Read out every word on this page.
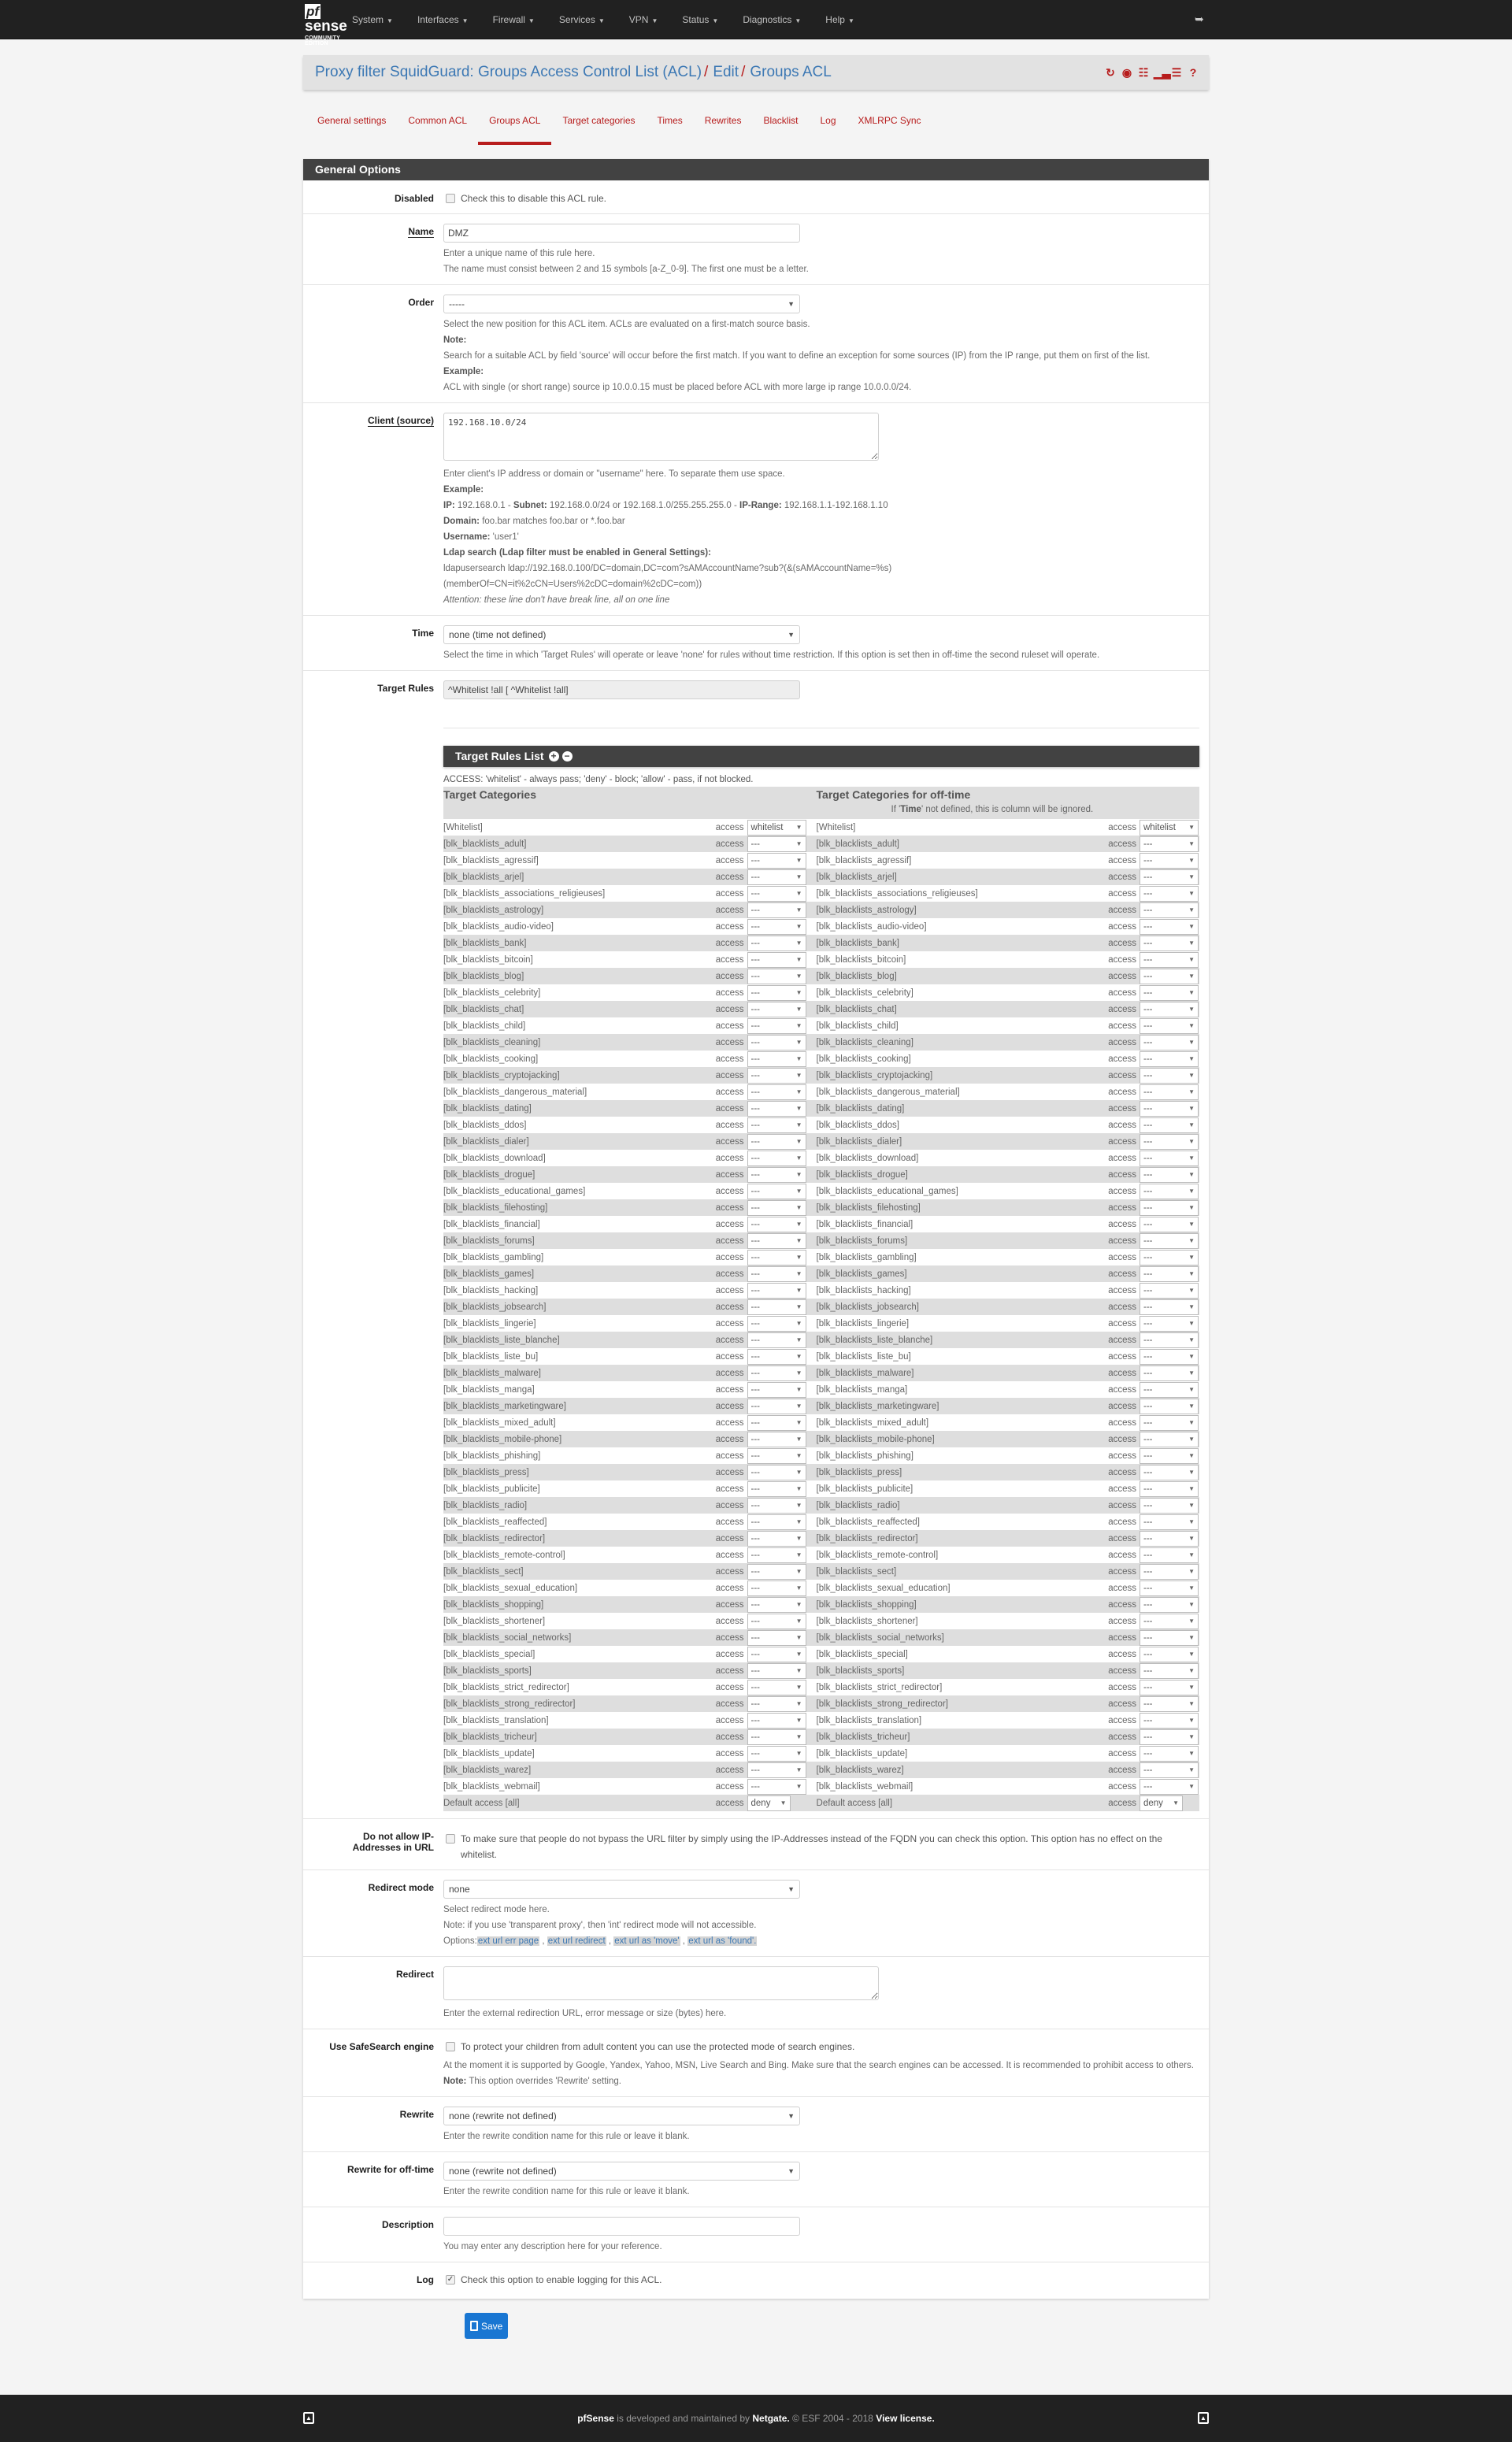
pfsense
COMMUNITY EDITION
System ▼	Interfaces ▼	Firewall ▼	Services ▼	VPN ▼	Status ▼	Diagnostics ▼	Help ▼	➥
Proxy filter SquidGuard: Groups Access Control List (ACL) / Edit / Groups ACL	↻ ◉ ☷ ▁▃ ☰ ?
General settings	Common ACL	Groups ACL	Target categories	Times	Rewrites	Blacklist	Log	XMLRPC Sync
General Options
Disabled	Check this to disable this ACL rule.
Name
DMZ
Enter a unique name of this rule here.
The name must consist between 2 and 15 symbols [a-Z_0-9]. The first one must be a letter.
Order	-----	▼
Select the new position for this ACL item. ACLs are evaluated on a first-match source basis.
Note:
Search for a suitable ACL by field 'source' will occur before the first match. If you want to define an exception for some sources (IP) from the IP range, put them on first of the list.
Example:
ACL with single (or short range) source ip 10.0.0.15 must be placed before ACL with more large ip range 10.0.0.0/24.
Client (source)
192.168.10.0/24
Enter client's IP address or domain or "username" here. To separate them use space.
Example:
IP: 192.168.0.1 - Subnet: 192.168.0.0/24 or 192.168.1.0/255.255.255.0 - IP-Range: 192.168.1.1-192.168.1.10
Domain: foo.bar matches foo.bar or *.foo.bar
Username: 'user1'
Ldap search (Ldap filter must be enabled in General Settings):
ldapusersearch ldap://192.168.0.100/DC=domain,DC=com?sAMAccountName?sub?(&(sAMAccountName=%s)
(memberOf=CN=it%2cCN=Users%2cDC=domain%2cDC=com))
Attention: these line don't have break line, all on one line
Time	none (time not defined)	▼
Select the time in which 'Target Rules' will operate or leave 'none' for rules without time restriction. If this option is set then in off-time the second ruleset will operate.
Target Rules
^Whitelist !all [ ^Whitelist !all]
Target Rules List + −
ACCESS: 'whitelist' - always pass; 'deny' - block; 'allow' - pass, if not blocked.
Target Categories				Target Categories for off-time		
				If 'Time' not defined, this is column will be ignored.		
[Whitelist]	access	whitelist ▼		[Whitelist]	access	whitelist ▼

[blk_blacklists_adult]	access	--- ▼		[blk_blacklists_adult]	access	--- ▼

[blk_blacklists_agressif]	access	--- ▼		[blk_blacklists_agressif]	access	--- ▼

[blk_blacklists_arjel]	access	--- ▼		[blk_blacklists_arjel]	access	--- ▼

[blk_blacklists_associations_religieuses]	access	--- ▼		[blk_blacklists_associations_religieuses]	access	--- ▼

[blk_blacklists_astrology]	access	--- ▼		[blk_blacklists_astrology]	access	--- ▼

[blk_blacklists_audio-video]	access	--- ▼		[blk_blacklists_audio-video]	access	--- ▼

[blk_blacklists_bank]	access	--- ▼		[blk_blacklists_bank]	access	--- ▼

[blk_blacklists_bitcoin]	access	--- ▼		[blk_blacklists_bitcoin]	access	--- ▼

[blk_blacklists_blog]	access	--- ▼		[blk_blacklists_blog]	access	--- ▼

[blk_blacklists_celebrity]	access	--- ▼		[blk_blacklists_celebrity]	access	--- ▼

[blk_blacklists_chat]	access	--- ▼		[blk_blacklists_chat]	access	--- ▼

[blk_blacklists_child]	access	--- ▼		[blk_blacklists_child]	access	--- ▼

[blk_blacklists_cleaning]	access	--- ▼		[blk_blacklists_cleaning]	access	--- ▼

[blk_blacklists_cooking]	access	--- ▼		[blk_blacklists_cooking]	access	--- ▼

[blk_blacklists_cryptojacking]	access	--- ▼		[blk_blacklists_cryptojacking]	access	--- ▼

[blk_blacklists_dangerous_material]	access	--- ▼		[blk_blacklists_dangerous_material]	access	--- ▼

[blk_blacklists_dating]	access	--- ▼		[blk_blacklists_dating]	access	--- ▼

[blk_blacklists_ddos]	access	--- ▼		[blk_blacklists_ddos]	access	--- ▼

[blk_blacklists_dialer]	access	--- ▼		[blk_blacklists_dialer]	access	--- ▼

[blk_blacklists_download]	access	--- ▼		[blk_blacklists_download]	access	--- ▼

[blk_blacklists_drogue]	access	--- ▼		[blk_blacklists_drogue]	access	--- ▼

[blk_blacklists_educational_games]	access	--- ▼		[blk_blacklists_educational_games]	access	--- ▼

[blk_blacklists_filehosting]	access	--- ▼		[blk_blacklists_filehosting]	access	--- ▼

[blk_blacklists_financial]	access	--- ▼		[blk_blacklists_financial]	access	--- ▼

[blk_blacklists_forums]	access	--- ▼		[blk_blacklists_forums]	access	--- ▼

[blk_blacklists_gambling]	access	--- ▼		[blk_blacklists_gambling]	access	--- ▼

[blk_blacklists_games]	access	--- ▼		[blk_blacklists_games]	access	--- ▼

[blk_blacklists_hacking]	access	--- ▼		[blk_blacklists_hacking]	access	--- ▼

[blk_blacklists_jobsearch]	access	--- ▼		[blk_blacklists_jobsearch]	access	--- ▼

[blk_blacklists_lingerie]	access	--- ▼		[blk_blacklists_lingerie]	access	--- ▼

[blk_blacklists_liste_blanche]	access	--- ▼		[blk_blacklists_liste_blanche]	access	--- ▼

[blk_blacklists_liste_bu]	access	--- ▼		[blk_blacklists_liste_bu]	access	--- ▼

[blk_blacklists_malware]	access	--- ▼		[blk_blacklists_malware]	access	--- ▼

[blk_blacklists_manga]	access	--- ▼		[blk_blacklists_manga]	access	--- ▼

[blk_blacklists_marketingware]	access	--- ▼		[blk_blacklists_marketingware]	access	--- ▼

[blk_blacklists_mixed_adult]	access	--- ▼		[blk_blacklists_mixed_adult]	access	--- ▼

[blk_blacklists_mobile-phone]	access	--- ▼		[blk_blacklists_mobile-phone]	access	--- ▼

[blk_blacklists_phishing]	access	--- ▼		[blk_blacklists_phishing]	access	--- ▼

[blk_blacklists_press]	access	--- ▼		[blk_blacklists_press]	access	--- ▼

[blk_blacklists_publicite]	access	--- ▼		[blk_blacklists_publicite]	access	--- ▼

[blk_blacklists_radio]	access	--- ▼		[blk_blacklists_radio]	access	--- ▼

[blk_blacklists_reaffected]	access	--- ▼		[blk_blacklists_reaffected]	access	--- ▼

[blk_blacklists_redirector]	access	--- ▼		[blk_blacklists_redirector]	access	--- ▼

[blk_blacklists_remote-control]	access	--- ▼		[blk_blacklists_remote-control]	access	--- ▼

[blk_blacklists_sect]	access	--- ▼		[blk_blacklists_sect]	access	--- ▼

[blk_blacklists_sexual_education]	access	--- ▼		[blk_blacklists_sexual_education]	access	--- ▼

[blk_blacklists_shopping]	access	--- ▼		[blk_blacklists_shopping]	access	--- ▼

[blk_blacklists_shortener]	access	--- ▼		[blk_blacklists_shortener]	access	--- ▼

[blk_blacklists_social_networks]	access	--- ▼		[blk_blacklists_social_networks]	access	--- ▼

[blk_blacklists_special]	access	--- ▼		[blk_blacklists_special]	access	--- ▼

[blk_blacklists_sports]	access	--- ▼		[blk_blacklists_sports]	access	--- ▼

[blk_blacklists_strict_redirector]	access	--- ▼		[blk_blacklists_strict_redirector]	access	--- ▼

[blk_blacklists_strong_redirector]	access	--- ▼		[blk_blacklists_strong_redirector]	access	--- ▼

[blk_blacklists_translation]	access	--- ▼		[blk_blacklists_translation]	access	--- ▼

[blk_blacklists_tricheur]	access	--- ▼		[blk_blacklists_tricheur]	access	--- ▼

[blk_blacklists_update]	access	--- ▼		[blk_blacklists_update]	access	--- ▼

[blk_blacklists_warez]	access	--- ▼		[blk_blacklists_warez]	access	--- ▼

[blk_blacklists_webmail]	access	--- ▼		[blk_blacklists_webmail]	access	--- ▼

Default access [all]	access	deny ▼		Default access [all]	access	deny ▼
Do not allow IP-
Addresses in URL
To make sure that people do not bypass the URL filter by simply using the IP-Addresses instead of the FQDN you can check this option. This option has no effect on the whitelist.
Redirect mode	none	▼
Select redirect mode here.
Note: if you use 'transparent proxy', then 'int' redirect mode will not accessible.
Options:ext url err page , ext url redirect , ext url as 'move' , ext url as 'found'.
Redirect
Enter the external redirection URL, error message or size (bytes) here.
Use SafeSearch engine	To protect your children from adult content you can use the protected mode of search engines.
At the moment it is supported by Google, Yandex, Yahoo, MSN, Live Search and Bing. Make sure that the search engines can be accessed. It is recommended to prohibit access to others.
Note: This option overrides 'Rewrite' setting.
Rewrite	none (rewrite not defined)	▼
Enter the rewrite condition name for this rule or leave it blank.
Rewrite for off-time	none (rewrite not defined)	▼
Enter the rewrite condition name for this rule or leave it blank.
Description
You may enter any description here for your reference.
Log	✓ Check this option to enable logging for this ACL.
Save
▲	pfSense is developed and maintained by Netgate. © ESF 2004 - 2018 View license.	▲
